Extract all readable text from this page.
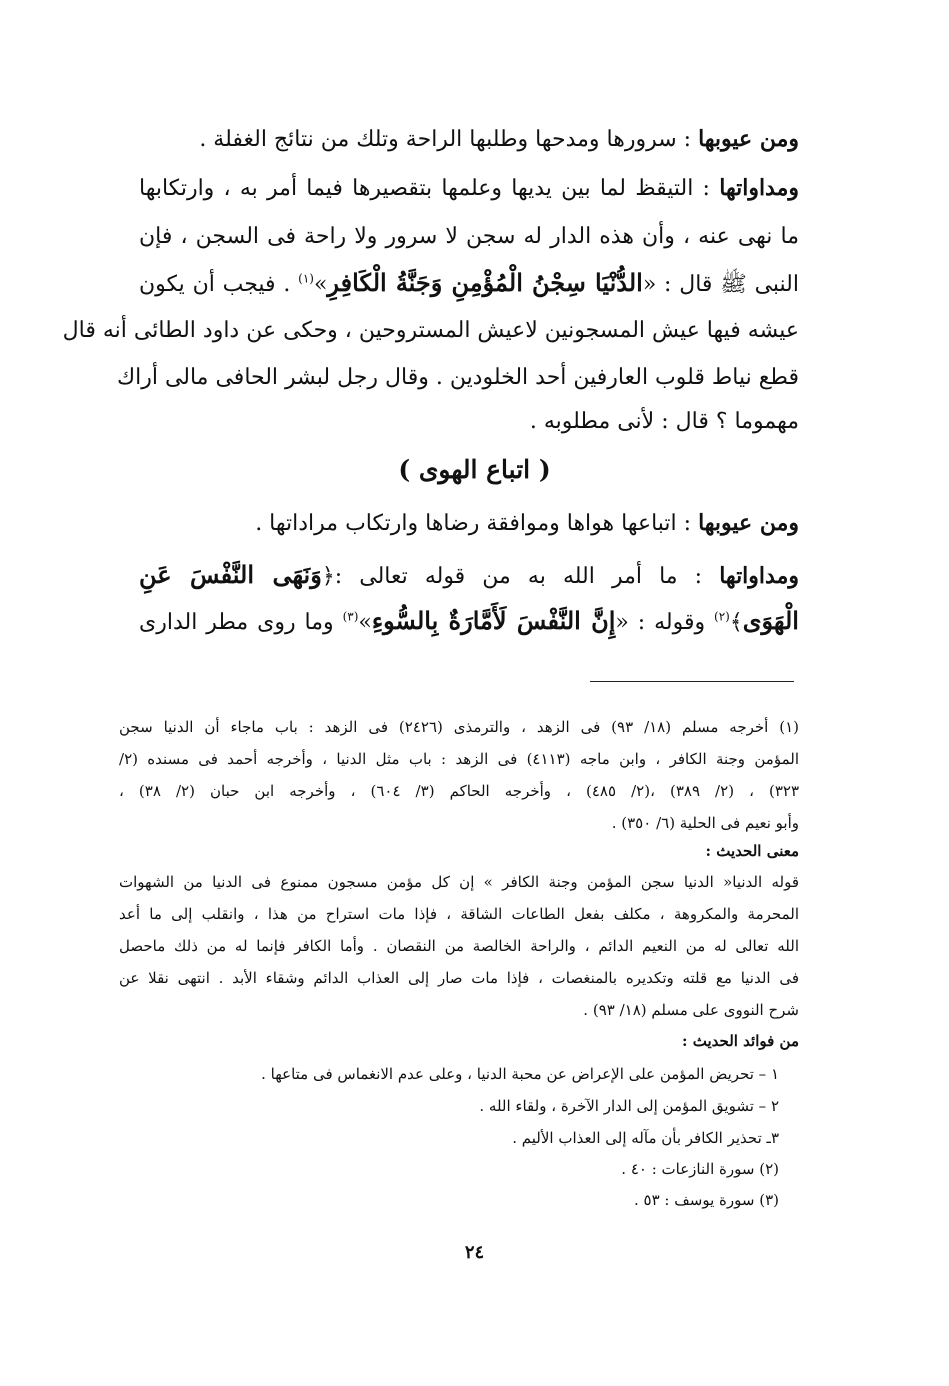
ومن عيوبها : سرورها ومدحها وطلبها الراحة وتلك من نتائج الغفلة .
ومداواتها : التيقظ لما بين يديها وعلمها بتقصيرها فيما أمر به ، وارتكابها
ما نهى عنه ، وأن هذه الدار له سجن لا سرور ولا راحة فى السجن ، فإن
النبى ﷺ قال : «الدُّنْيَا سِجْنُ الْمُؤْمِنِ وَجَنَّةُ الْكَافِرِ»$^{(١)}$ . فيجب أن يكون
عيشه فيها عيش المسجونين لاعيش المستروحين ، وحكى عن داود الطائى أنه قال
قطع نياط قلوب العارفين أحد الخلودين . وقال رجل لبشر الحافى مالى أراك
مهموما ؟ قال : لأنى مطلوبه .
( اتباع الهوى )
ومن عيوبها : اتباعها هواها وموافقة رضاها وارتكاب مراداتها .
ومداواتها : ما أمر الله به من قوله تعالى :﴿وَنَهَى النَّفْسَ عَنِ
الْهَوَى﴾$^{(٢)}$ وقوله : «إِنَّ النَّفْسَ لَأَمَّارَةٌ بِالسُّوءِ»$^{(٣)}$ وما روى مطر الدارى
(١) أخرجه مسلم (١٨/ ٩٣) فى الزهد ، والترمذى (٢٤٢٦) فى الزهد : باب ماجاء أن الدنيا سجن
المؤمن وجنة الكافر ، وابن ماجه (٤١١٣) فى الزهد : باب مثل الدنيا ، وأخرجه أحمد فى مسنده (٢/
٣٢٣) ، (٢/ ٣٨٩) ،(٢/ ٤٨٥) ، وأخرجه الحاكم (٣/ ٦٠٤) ، وأخرجه ابن حبان (٢/ ٣٨) ،
وأبو نعيم فى الحلية (٦/ ٣٥٠) .
معنى الحديث :
قوله الدنيا« الدنيا سجن المؤمن وجنة الكافر » إن كل مؤمن مسجون ممنوع فى الدنيا من الشهوات
المحرمة والمكروهة ، مكلف بفعل الطاعات الشاقة ، فإذا مات استراح من هذا ، وانقلب إلى ما أعد
الله تعالى له من النعيم الدائم ، والراحة الخالصة من النقصان . وأما الكافر فإنما له من ذلك ماحصل
فى الدنيا مع قلته وتكديره بالمنغصات ، فإذا مات صار إلى العذاب الدائم وشقاء الأبد . انتهى نقلا عن
شرح النووى على مسلم (١٨/ ٩٣) .
من فوائد الحديث :
١ – تحريض المؤمن على الإعراض عن محبة الدنيا ، وعلى عدم الانغماس فى متاعها .
٢ – تشويق المؤمن إلى الدار الآخرة ، ولقاء الله .
٣ـ تحذير الكافر بأن مآله إلى العذاب الأليم .
(٢) سورة النازعات : ٤٠ .
(٣) سورة يوسف : ٥٣ .
٢٤
